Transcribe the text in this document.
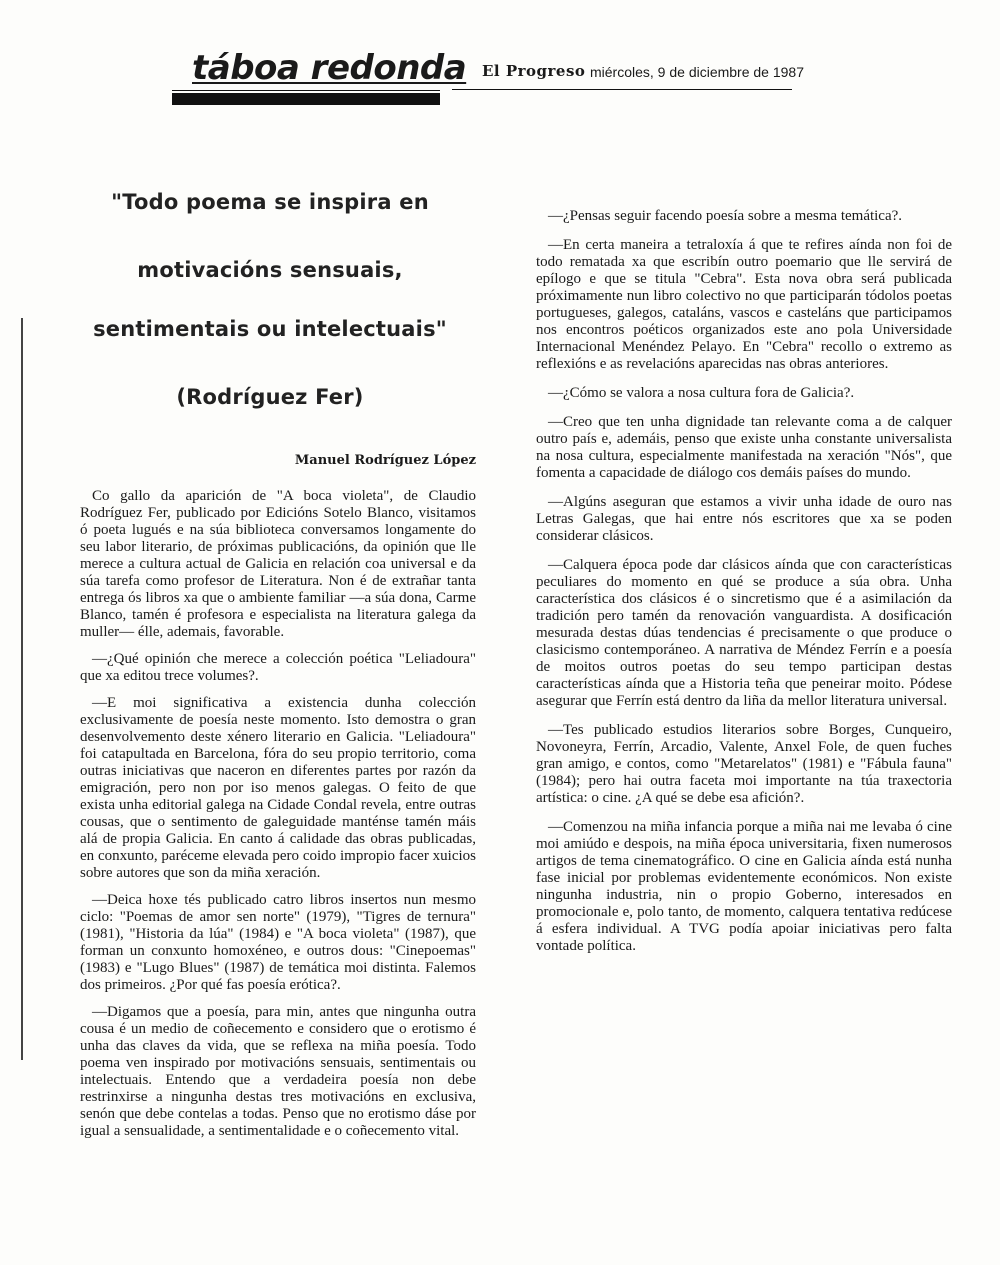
táboa redonda El Progreso miércoles, 9 de diciembre de 1987
"Todo poema se inspira en
motivacións sensuais,
sentimentais ou intelectuais"
(Rodríguez Fer)
Manuel Rodríguez López

Co gallo da aparición de "A boca violeta", de Claudio Rodríguez Fer, publicado por Edicións Sotelo Blanco, visitamos ó poeta lugués e na súa biblioteca conversamos longamente do seu labor literario, de próximas publicacións, da opinión que lle merece a cultura actual de Galicia en relación coa universal e da súa tarefa como profesor de Literatura. Non é de extrañar tanta entrega ós libros xa que o ambiente familiar —a súa dona, Carme Blanco, tamén é profesora e especialista na literatura galega da muller— élle, ademais, favorable.

—¿Qué opinión che merece a colección poética "Leliadoura" que xa editou trece volumes?.

—E moi significativa a existencia dunha colección exclusivamente de poesía neste momento. Isto demostra o gran desenvolvemento deste xénero literario en Galicia. "Leliadoura" foi catapultada en Barcelona, fóra do seu propio territorio, coma outras iniciativas que naceron en diferentes partes por razón da emigración, pero non por iso menos galegas. O feito de que exista unha editorial galega na Cidade Condal revela, entre outras cousas, que o sentimento de galeguidade manténse tamén máis alá de propia Galicia. En canto á calidade das obras publicadas, en conxunto, paréceme elevada pero coido impropio facer xuicios sobre autores que son da miña xeración.

—Deica hoxe tés publicado catro libros insertos nun mesmo ciclo: "Poemas de amor sen norte" (1979), "Tigres de ternura" (1981), "Historia da lúa" (1984) e "A boca violeta" (1987), que forman un conxunto homoxéneo, e outros dous: "Cinepoemas" (1983) e "Lugo Blues" (1987) de temática moi distinta. Falemos dos primeiros. ¿Por qué fas poesía erótica?.

—Digamos que a poesía, para min, antes que ningunha outra cousa é un medio de coñecemento e considero que o erotismo é unha das claves da vida, que se reflexa na miña poesía. Todo poema ven inspirado por motivacións sensuais, sentimentais ou intelectuais. Entendo que a verdadeira poesía non debe restrinxirse a ningunha destas tres motivacións en exclusiva, senón que debe contelas a todas. Penso que no erotismo dáse por igual a sensualidade, a sentimentalidade e o coñecemento vital.

—¿Pensas seguir facendo poesía sobre a mesma temática?.

—En certa maneira a tetraloxía á que te refires aínda non foi de todo rematada xa que escribín outro poemario que lle servirá de epílogo e que se titula "Cebra". Esta nova obra será publicada próximamente nun libro colectivo no que participarán tódolos poetas portugueses, galegos, cataláns, vascos e casteláns que participamos nos encontros poéticos organizados este ano pola Universidade Internacional Menéndez Pelayo. En "Cebra" recollo o extremo as reflexións e as revelacións aparecidas nas obras anteriores.

—¿Cómo se valora a nosa cultura fora de Galicia?.

—Creo que ten unha dignidade tan relevante coma a de calquer outro país e, ademáis, penso que existe unha constante universalista na nosa cultura, especialmente manifestada na xeración "Nós", que fomenta a capacidade de diálogo cos demáis países do mundo.

—Algúns aseguran que estamos a vivir unha idade de ouro nas Letras Galegas, que hai entre nós escritores que xa se poden considerar clásicos.

—Calquera época pode dar clásicos aínda que con características peculiares do momento en qué se produce a súa obra. Unha característica dos clásicos é o sincretismo que é a asimilación da tradición pero tamén da renovación vanguardista. A dosificación mesurada destas dúas tendencias é precisamente o que produce o clasicismo contemporáneo. A narrativa de Méndez Ferrín e a poesía de moitos outros poetas do seu tempo participan destas características aínda que a Historia teña que peneirar moito. Pódese asegurar que Ferrín está dentro da liña da mellor literatura universal.

—Tes publicado estudios literarios sobre Borges, Cunqueiro, Novoneyra, Ferrín, Arcadio, Valente, Anxel Fole, de quen fuches gran amigo, e contos, como "Metarelatos" (1981) e "Fábula fauna" (1984); pero hai outra faceta moi importante na túa traxectoria artística: o cine. ¿A qué se debe esa afición?.

—Comenzou na miña infancia porque a miña nai me levaba ó cine moi amiúdo e despois, na miña época universitaria, fixen numerosos artigos de tema cinematográfico. O cine en Galicia aínda está nunha fase inicial por problemas evidentemente económicos. Non existe ningunha industria, nin o propio Goberno, interesados en promocionale e, polo tanto, de momento, calquera tentativa redúcese á esfera individual. A TVG podía apoiar iniciativas pero falta vontade política.
